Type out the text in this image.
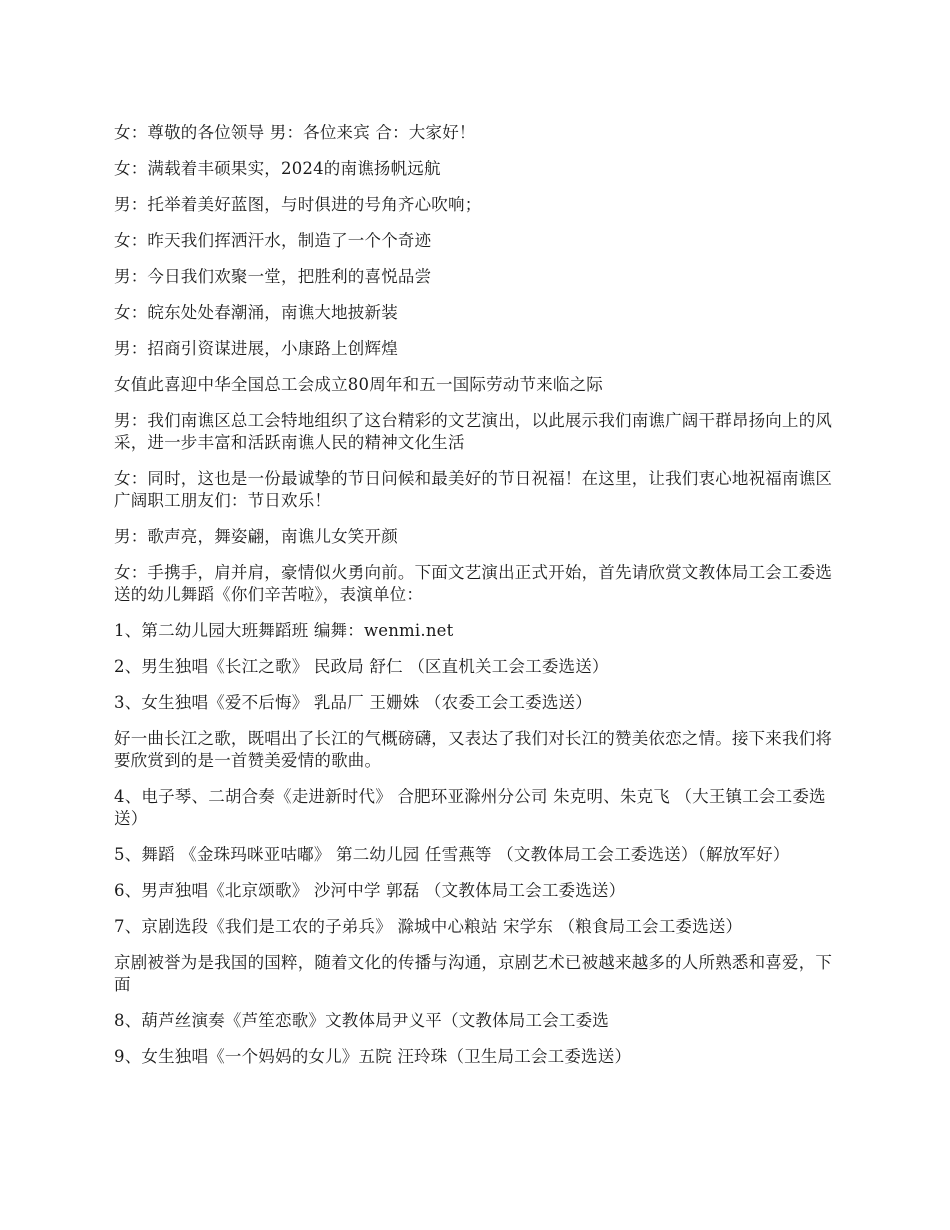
女：尊敬的各位领导 男：各位来宾 合：大家好！

女：满载着丰硕果实，2024的南谯扬帆远航

男：托举着美好蓝图，与时俱进的号角齐心吹响；

女：昨天我们挥洒汗水，制造了一个个奇迹

男：今日我们欢聚一堂，把胜利的喜悦品尝

女：皖东处处春潮涌，南谯大地披新装

男：招商引资谋进展，小康路上创辉煌

女值此喜迎中华全国总工会成立80周年和五一国际劳动节来临之际

男：我们南谯区总工会特地组织了这台精彩的文艺演出，以此展示我们南谯广阔干群昂扬向上的风采，进一步丰富和活跃南谯人民的精神文化生活

女：同时，这也是一份最诚挚的节日问候和最美好的节日祝福！在这里，让我们衷心地祝福南谯区广阔职工朋友们：节日欢乐！

男：歌声亮，舞姿翩，南谯儿女笑开颜

女：手携手，肩并肩，豪情似火勇向前。下面文艺演出正式开始，首先请欣赏文教体局工会工委选送的幼儿舞蹈《你们辛苦啦》，表演单位：

1、第二幼儿园大班舞蹈班 编舞：wenmi.net

2、男生独唱《长江之歌》 民政局 舒仁 （区直机关工会工委选送）

3、女生独唱《爱不后悔》 乳品厂 王姗姝 （农委工会工委选送）

好一曲长江之歌，既唱出了长江的气概磅礴，又表达了我们对长江的赞美依恋之情。接下来我们将要欣赏到的是一首赞美爱情的歌曲。

4、电子琴、二胡合奏《走进新时代》 合肥环亚滁州分公司 朱克明、朱克飞 （大王镇工会工委选送）

5、舞蹈 《金珠玛咪亚咕嘟》 第二幼儿园 任雪燕等 （文教体局工会工委选送）（解放军好）

6、男声独唱《北京颂歌》 沙河中学 郭磊 （文教体局工会工委选送）

7、京剧选段《我们是工农的子弟兵》 滁城中心粮站 宋学东 （粮食局工会工委选送）

京剧被誉为是我国的国粹，随着文化的传播与沟通，京剧艺术已被越来越多的人所熟悉和喜爱，下面

8、葫芦丝演奏《芦笙恋歌》文教体局尹义平（文教体局工会工委选

9、女生独唱《一个妈妈的女儿》五院 汪玲珠（卫生局工会工委选送）
